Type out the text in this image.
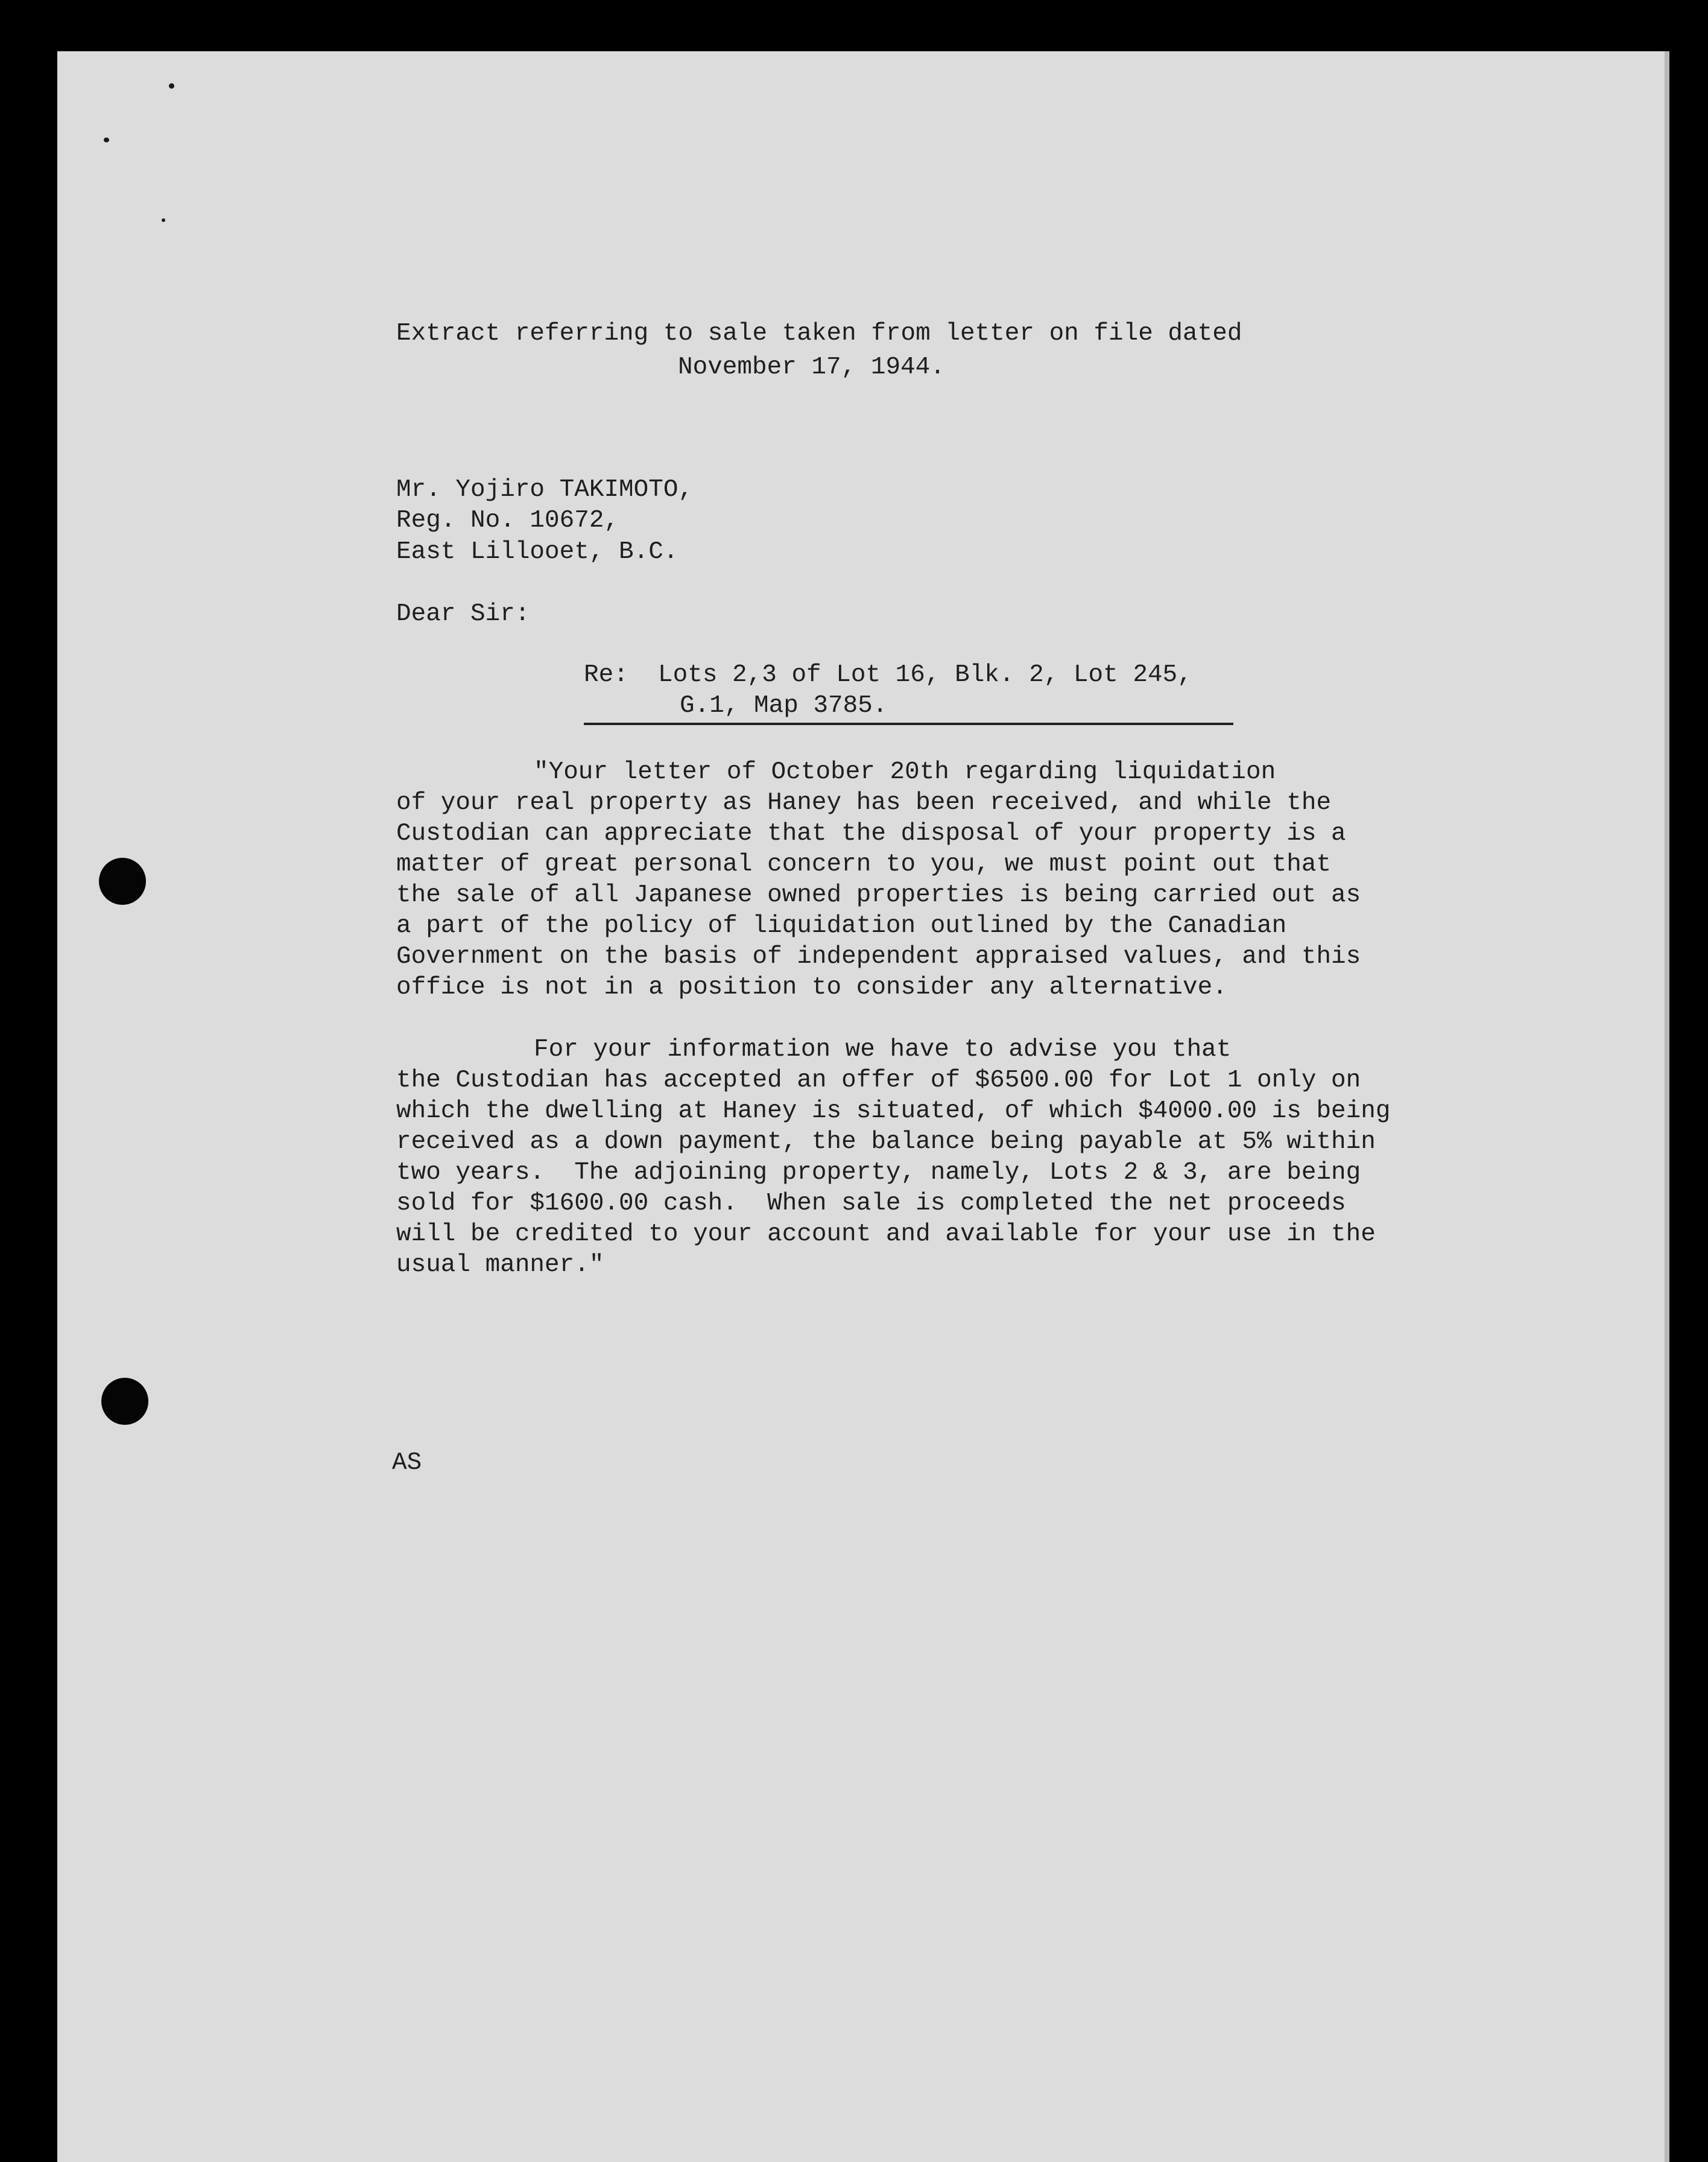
Extract referring to sale taken from letter on file dated

November 17, 1944.

Mr. Yojiro TAKIMOTO,

Reg. No. 10672,

East Lillooet, B.C.

Dear Sir:

Re:  Lots 2,3 of Lot 16, Blk. 2, Lot 245,

G.1, Map 3785.

"Your letter of October 20th regarding liquidation

of your real property as Haney has been received, and while the

Custodian can appreciate that the disposal of your property is a

matter of great personal concern to you, we must point out that

the sale of all Japanese owned properties is being carried out as

a part of the policy of liquidation outlined by the Canadian

Government on the basis of independent appraised values, and this

office is not in a position to consider any alternative.

For your information we have to advise you that

the Custodian has accepted an offer of $6500.00 for Lot 1 only on

which the dwelling at Haney is situated, of which $4000.00 is being

received as a down payment, the balance being payable at 5% within

two years.  The adjoining property, namely, Lots 2 & 3, are being

sold for $1600.00 cash.  When sale is completed the net proceeds

will be credited to your account and available for your use in the

usual manner."

AS
